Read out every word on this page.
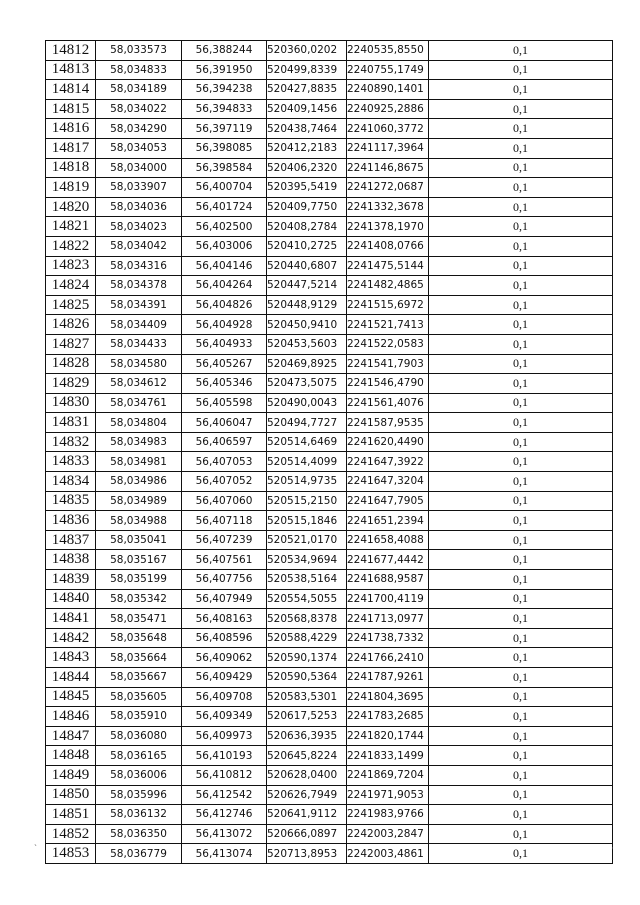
14812	58,033573	56,388244	520360,0202	2240535,8550	0,1
14813	58,034833	56,391950	520499,8339	2240755,1749	0,1
14814	58,034189	56,394238	520427,8835	2240890,1401	0,1
14815	58,034022	56,394833	520409,1456	2240925,2886	0,1
14816	58,034290	56,397119	520438,7464	2241060,3772	0,1
14817	58,034053	56,398085	520412,2183	2241117,3964	0,1
14818	58,034000	56,398584	520406,2320	2241146,8675	0,1
14819	58,033907	56,400704	520395,5419	2241272,0687	0,1
14820	58,034036	56,401724	520409,7750	2241332,3678	0,1
14821	58,034023	56,402500	520408,2784	2241378,1970	0,1
14822	58,034042	56,403006	520410,2725	2241408,0766	0,1
14823	58,034316	56,404146	520440,6807	2241475,5144	0,1
14824	58,034378	56,404264	520447,5214	2241482,4865	0,1
14825	58,034391	56,404826	520448,9129	2241515,6972	0,1
14826	58,034409	56,404928	520450,9410	2241521,7413	0,1
14827	58,034433	56,404933	520453,5603	2241522,0583	0,1
14828	58,034580	56,405267	520469,8925	2241541,7903	0,1
14829	58,034612	56,405346	520473,5075	2241546,4790	0,1
14830	58,034761	56,405598	520490,0043	2241561,4076	0,1
14831	58,034804	56,406047	520494,7727	2241587,9535	0,1
14832	58,034983	56,406597	520514,6469	2241620,4490	0,1
14833	58,034981	56,407053	520514,4099	2241647,3922	0,1
14834	58,034986	56,407052	520514,9735	2241647,3204	0,1
14835	58,034989	56,407060	520515,2150	2241647,7905	0,1
14836	58,034988	56,407118	520515,1846	2241651,2394	0,1
14837	58,035041	56,407239	520521,0170	2241658,4088	0,1
14838	58,035167	56,407561	520534,9694	2241677,4442	0,1
14839	58,035199	56,407756	520538,5164	2241688,9587	0,1
14840	58,035342	56,407949	520554,5055	2241700,4119	0,1
14841	58,035471	56,408163	520568,8378	2241713,0977	0,1
14842	58,035648	56,408596	520588,4229	2241738,7332	0,1
14843	58,035664	56,409062	520590,1374	2241766,2410	0,1
14844	58,035667	56,409429	520590,5364	2241787,9261	0,1
14845	58,035605	56,409708	520583,5301	2241804,3695	0,1
14846	58,035910	56,409349	520617,5253	2241783,2685	0,1
14847	58,036080	56,409973	520636,3935	2241820,1744	0,1
14848	58,036165	56,410193	520645,8224	2241833,1499	0,1
14849	58,036006	56,410812	520628,0400	2241869,7204	0,1
14850	58,035996	56,412542	520626,7949	2241971,9053	0,1
14851	58,036132	56,412746	520641,9112	2241983,9766	0,1
14852	58,036350	56,413072	520666,0897	2242003,2847	0,1
14853	58,036779	56,413074	520713,8953	2242003,4861	0,1
`	·
